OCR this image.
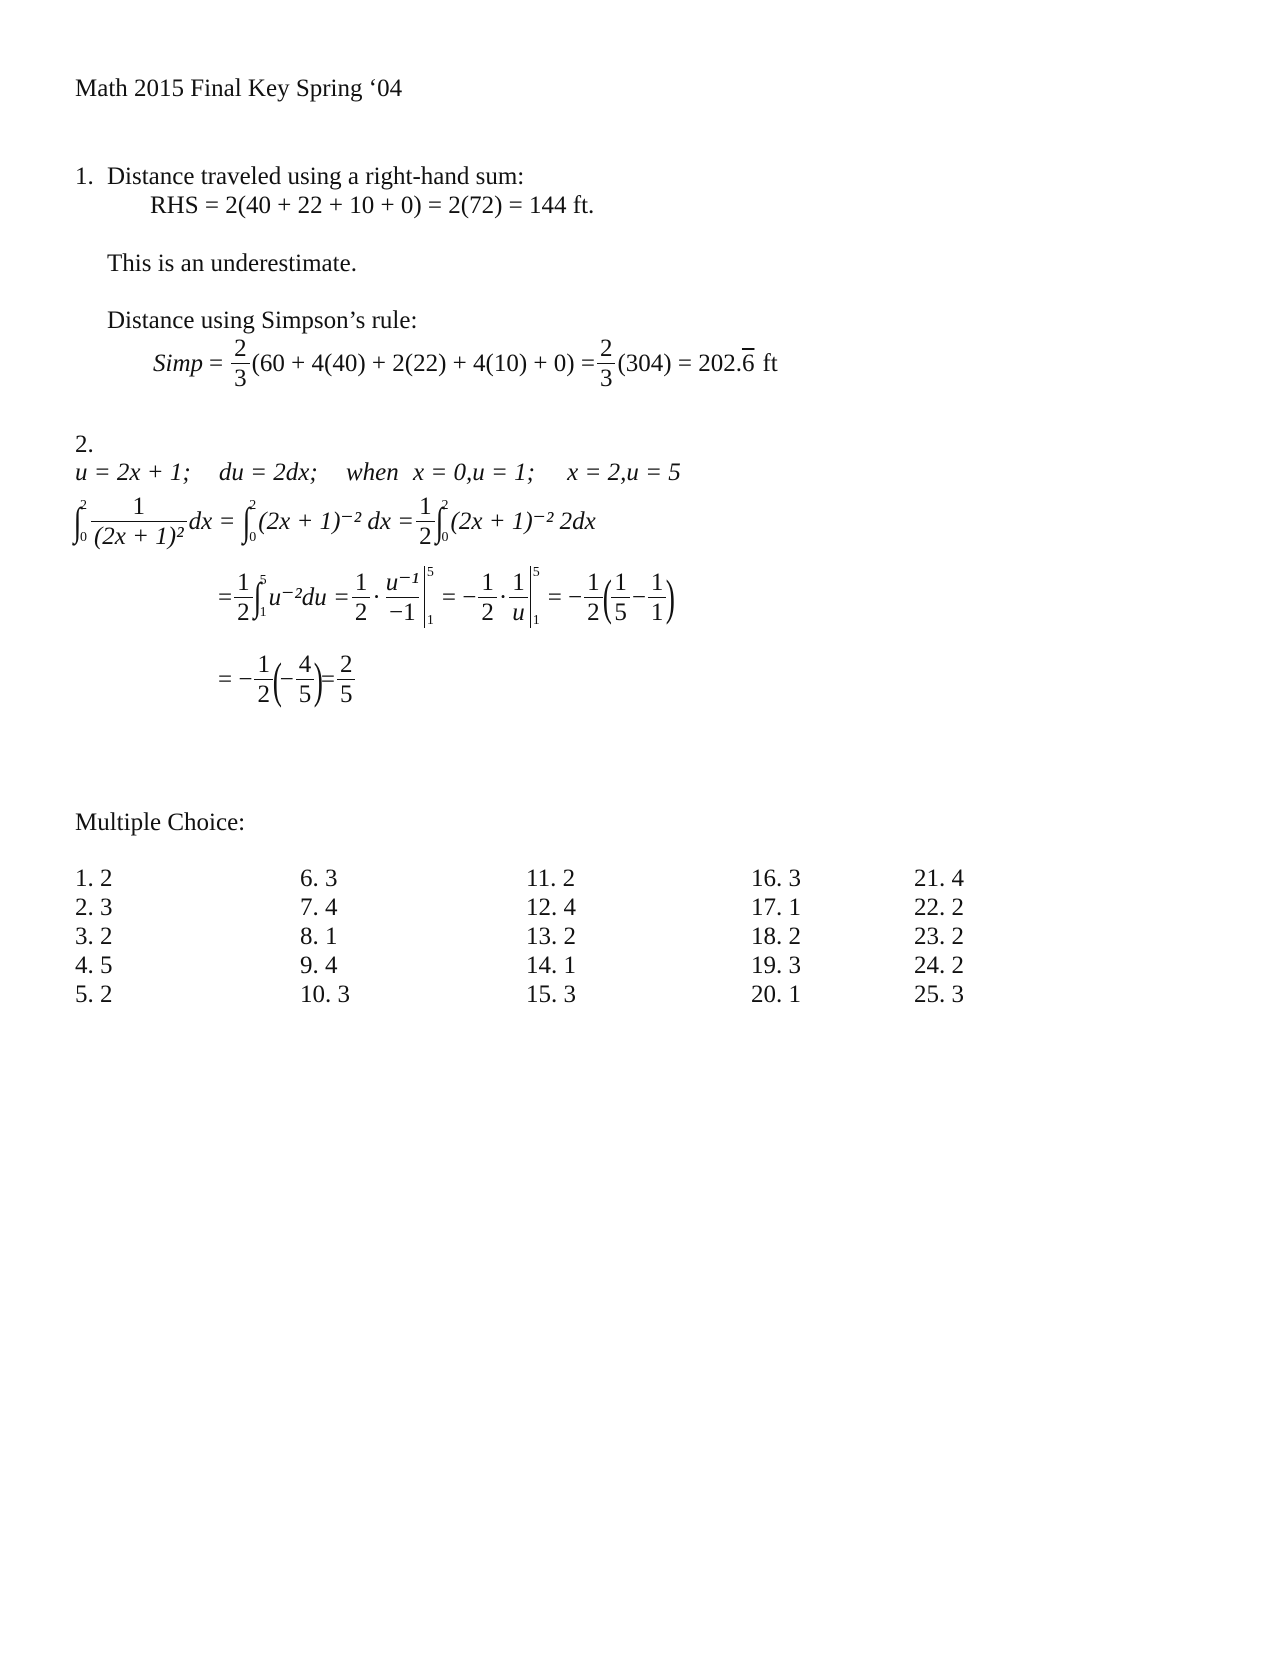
Math 2015 Final Key Spring ‘04
1. Distance traveled using a right-hand sum:
RHS = 2(40 + 22 + 10 + 0) = 2(72) = 144 ft.
This is an underestimate.
Distance using Simpson’s rule:
Simp = $\frac{2}{3} (60 + 4(40) + 2(22) + 4(10) + 0) = \frac{2}{3} (304) = 202$. 6 ft
2.
u = 2x + 1; du = 2dx; when x = 0,u = 1; x = 2,u = 5
∫
2
0
1
(2x + 1)²
dx = ∫
2
0
(2x + 1)⁻² dx = $\frac{1}{2}$ ∫
2
0
(2x + 1)⁻² 2dx
= $\frac{1}{2}$ ∫
5
1
$u^{-2}du = \frac{1}{2}$ ·
u⁻¹
−1
5
1
= − $\frac{1}{2}$ ·
1
u
5
1
= − $\frac{1}{2}$ ( 1
5
− $\frac{1}{1}$ )
= − $\frac{1}{2}$ (
− $\frac{4}{5}$ )
= $\frac{2}{5}$
Multiple Choice:
1. 2
2. 3
3. 2
4. 5
5. 2
6. 3
7. 4
8. 1
9. 4
10. 3
11. 2
12. 4
13. 2
14. 1
15. 3
16. 3
17. 1
18. 2
19. 3
20. 1
21. 4
22. 2
23. 2
24. 2
25. 3
